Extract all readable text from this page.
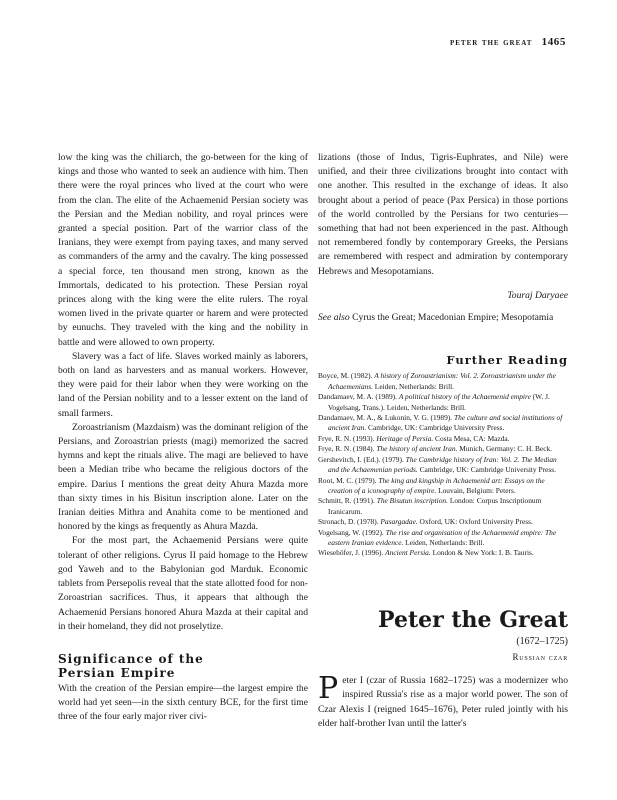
peter the great 1465

low the king was the chiliarch, the go-between for the king of kings and those who wanted to seek an audience with him. Then there were the royal princes who lived at the court who were from the clan. The elite of the Achaemenid Persian society was the Persian and the Median nobility, and royal princes were granted a special position. Part of the warrior class of the Iranians, they were exempt from paying taxes, and many served as commanders of the army and the cavalry. The king possessed a special force, ten thousand men strong, known as the Immortals, dedicated to his protection. These Persian royal princes along with the king were the elite rulers. The royal women lived in the private quarter or harem and were protected by eunuchs. They traveled with the king and the nobility in battle and were allowed to own property.

Slavery was a fact of life. Slaves worked mainly as laborers, both on land as harvesters and as manual workers. However, they were paid for their labor when they were working on the land of the Persian nobility and to a lesser extent on the land of small farmers.

Zoroastrianism (Mazdaism) was the dominant religion of the Persians, and Zoroastrian priests (magi) memorized the sacred hymns and kept the rituals alive. The magi are believed to have been a Median tribe who became the religious doctors of the empire. Darius I mentions the great deity Ahura Mazda more than sixty times in his Bisitun inscription alone. Later on the Iranian deities Mithra and Anahita come to be mentioned and honored by the kings as frequently as Ahura Mazda.

For the most part, the Achaemenid Persians were quite tolerant of other religions. Cyrus II paid homage to the Hebrew god Yaweh and to the Babylonian god Marduk. Economic tablets from Persepolis reveal that the state allotted food for non-Zoroastrian sacrifices. Thus, it appears that although the Achaemenid Persians honored Ahura Mazda at their capital and in their homeland, they did not proselytize.

Significance of the
Persian Empire

With the creation of the Persian empire—the largest empire the world had yet seen—in the sixth century BCE, for the first time three of the four early major river civi-

lizations (those of Indus, Tigris-Euphrates, and Nile) were unified, and their three civilizations brought into contact with one another. This resulted in the exchange of ideas. It also brought about a period of peace (Pax Persica) in those portions of the world controlled by the Persians for two centuries—something that had not been experienced in the past. Although not remembered fondly by contemporary Greeks, the Persians are remembered with respect and admiration by contemporary Hebrews and Mesopotamians.

Touraj Daryaee
See also Cyrus the Great; Macedonian Empire; Mesopotamia
Further Reading
Boyce, M. (1982). A history of Zoroastrianism: Vol. 2. Zoroastrianism under the Achaemenians. Leiden, Netherlands: Brill.
Dandamaev, M. A. (1989). A political history of the Achaemenid empire (W. J. Vogelsang, Trans.). Leiden, Netherlands: Brill.
Dandamaev, M. A., & Lukonin, V. G. (1989). The culture and social institutions of ancient Iran. Cambridge, UK: Cambridge University Press.
Frye, R. N. (1993). Heritage of Persia. Costa Mesa, CA: Mazda.
Frye, R. N. (1984). The history of ancient Iran. Munich, Germany: C. H. Beck.
Gershevitch, I. (Ed.). (1979). The Cambridge history of Iran: Vol. 2. The Median and the Achaemenian periods. Cambridge, UK: Cambridge University Press.
Root, M. C. (1979). The king and kingship in Achaemenid art: Essays on the creation of a iconography of empire. Louvain, Belgium: Peters.
Schmitt, R. (1991). The Bisutun inscription. London: Corpus Inscriptionum Iranicarum.
Stronach, D. (1978). Pasargadae. Oxford, UK: Oxford University Press.
Vogelsang, W. (1992). The rise and organisation of the Achaemenid empire: The eastern Iranian evidence. Leiden, Netherlands: Brill.
Wiesehöfer, J. (1996). Ancient Persia. London & New York: I. B. Tauris.
Peter the Great
(1672–1725)
Russian czar

Peter I (czar of Russia 1682–1725) was a modernizer who inspired Russia's rise as a major world power. The son of Czar Alexis I (reigned 1645–1676), Peter ruled jointly with his elder half-brother Ivan until the latter's
